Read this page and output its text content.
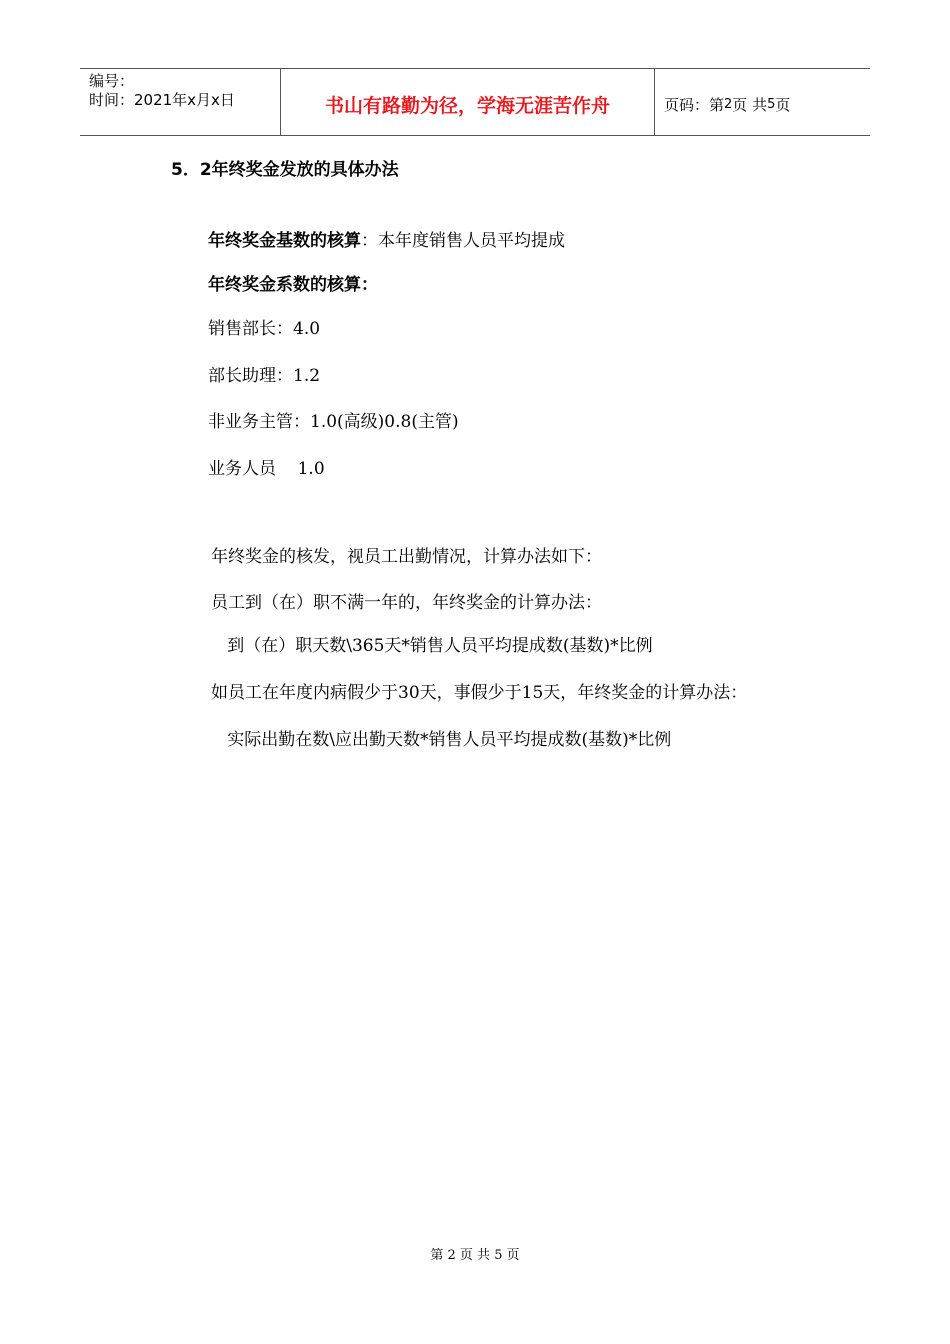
编号：
时间：2021年x月x日	书山有路勤为径，学海无涯苦作舟	页码：第 2 页 共 5 页
5．2年终奖金发放的具体办法
年终奖金基数的核算：本年度销售人员平均提成
年终奖金系数的核算：
销售部长：4.0
部长助理：1.2
非业务主管：1.0(高级)0.8(主管)
业务人员    1.0
年终奖金的核发，视员工出勤情况，计算办法如下：
员工到（在）职不满一年的，年终奖金的计算办法：
到（在）职天数\365天*销售人员平均提成数(基数)*比例
如员工在年度内病假少于30天，事假少于15天，年终奖金的计算办法：
实际出勤在数\应出勤天数*销售人员平均提成数(基数)*比例
第 2 页 共 5 页
